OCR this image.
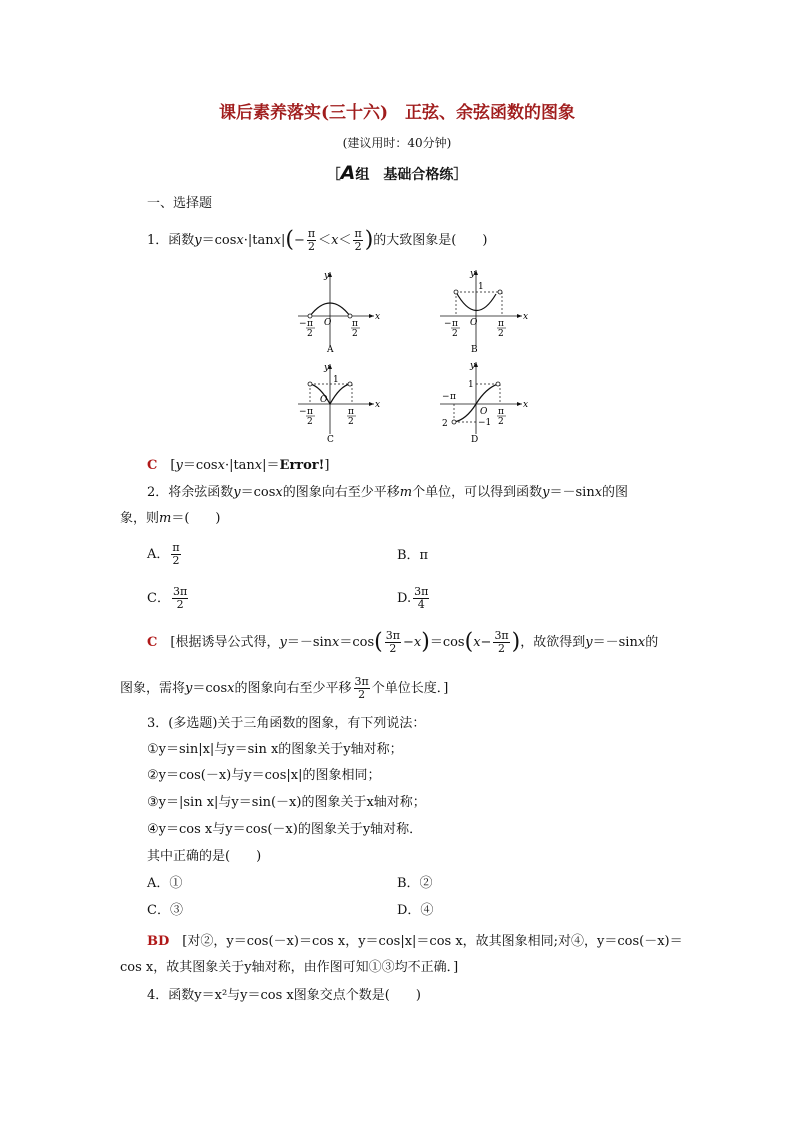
课后素养落实(三十六)　正弦、余弦函数的图象
(建议用时：40分钟)
［A组　基础合格练］
一、选择题
1．函数$y=\cos x\cdot|\tan x|(- \frac{\pi}{2} <x< \frac{\pi}{2}$ )的大致图象是(　　)
y
x
O
− π
2
π
2
A
y
x
1
O
− π
2
π
2
B
y
x
1
O
− π
2
π
2
C
y
x
1
−1
O
− π
2
π
2
D
C　 [y＝cosx·|tanx|＝Error!]
2．将余弦函数y＝cosx的图象向右至少平移m个单位，可以得到函数y＝－sinx的图
象，则m＝(　　)
A． $\frac{\pi}{2}$	B．π
C． $\frac{3\pi}{2}$	D. $\frac{3\pi}{4}$
C　 [根据诱导公式得，$y=-\sin x=\cos( \frac{3\pi}{2} -x)=\cos(x- \frac{3\pi}{2}$ )，故欲得到y＝－sinx的
图象，需将y＝cosx的图象向右至少平移 $\frac{3\pi}{2}$ 个单位长度．]
3．(多选题)关于三角函数的图象，有下列说法：
①y＝sin|x|与y＝sin x的图象关于y轴对称；
②y＝cos(－x)与y＝cos|x|的图象相同；
③y＝|sin x|与y＝sin(－x)的图象关于x轴对称；
④y＝cos x与y＝cos(－x)的图象关于y轴对称．
其中正确的是(　　)
A．①	B．②
C．③	D．④
BD　 [对②，y＝cos(－x)＝cos x，y＝cos|x|＝cos x，故其图象相同;对④，y＝cos(－x)＝
cos x，故其图象关于y轴对称，由作图可知①③均不正确．]
4．函数y＝x²与y＝cos x图象交点个数是(　　)
